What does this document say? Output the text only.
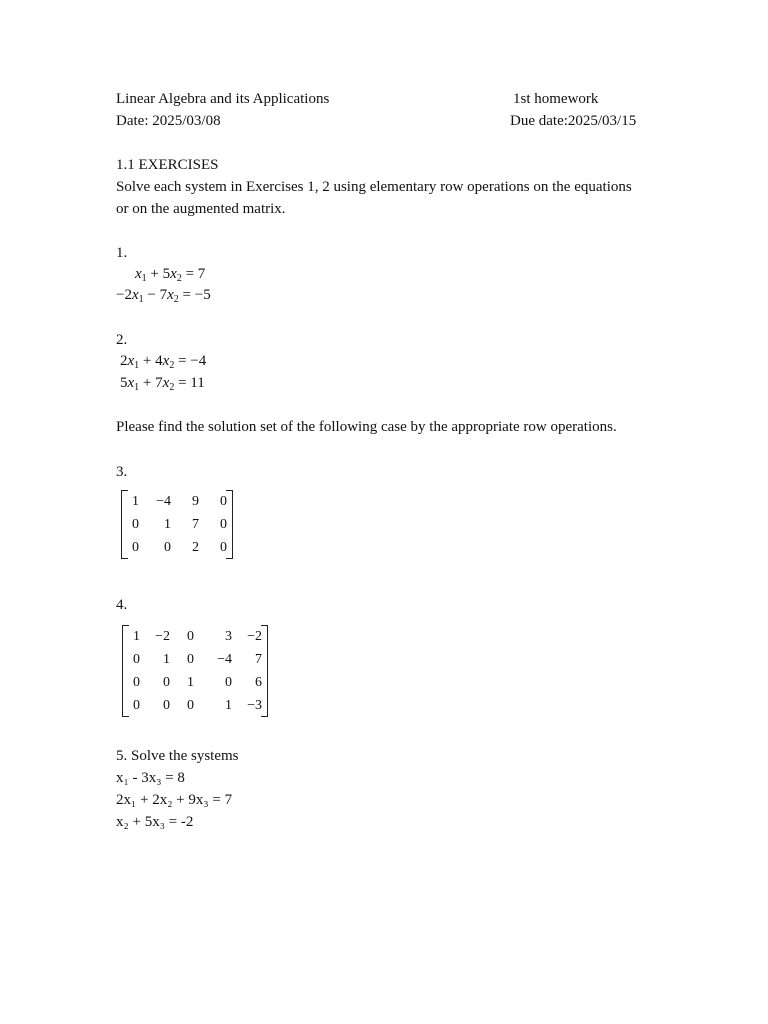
Linear Algebra and its Applications	1st homework
Date: 2025/03/08	Due date:2025/03/15
1.1 EXERCISES
Solve each system in Exercises 1, 2 using elementary row operations on the equations
or on the augmented matrix.
1.
$x_1 + 5x_2 = 7$
$-2x_1 - 7x_2 = -5$
2.
$2x_1 + 4x_2 = -4$
$5x_1 + 7x_2 = 11$
Please find the solution set of the following case by the appropriate row operations.
3.
1	−4	9	0
0	1	7	0
0	0	2	0
4.
1	−2	0	3	−2
0	1	0	−4	7
0	0	1	0	6
0	0	0	1	−3
5. Solve the systems
x₁ - 3x₃ = 8
2x₁ + 2x₂ + 9x₃ = 7
x₂ + 5x₃ = -2
